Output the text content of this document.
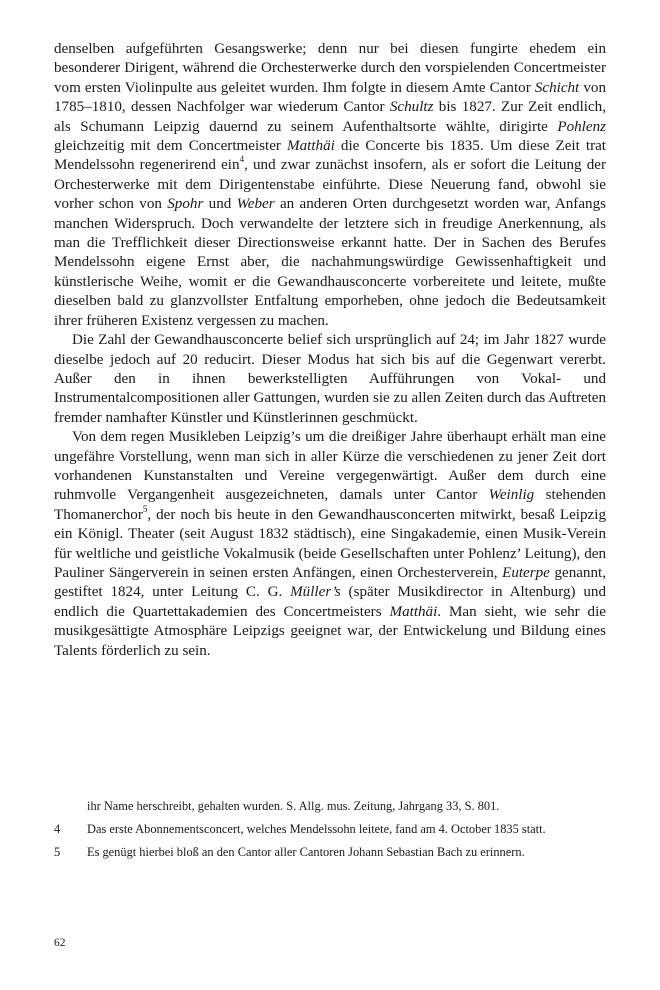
denselben aufgeführten Gesangswerke; denn nur bei diesen fungirte ehedem ein besonderer Dirigent, während die Orchesterwerke durch den vorspielenden Concertmeister vom ersten Violinpulte aus geleitet wurden. Ihm folgte in diesem Amte Cantor Schicht von 1785–1810, dessen Nachfolger war wiederum Cantor Schultz bis 1827. Zur Zeit endlich, als Schumann Leipzig dauernd zu seinem Aufenthaltsorte wählte, dirigirte Pohlenz gleichzeitig mit dem Concertmeister Matthäi die Concerte bis 1835. Um diese Zeit trat Mendelssohn regenerirend ein$^4$, und zwar zunächst insofern, als er sofort die Leitung der Orchesterwerke mit dem Dirigentenstabe einführte. Diese Neuerung fand, obwohl sie vorher schon von Spohr und Weber an anderen Orten durchgesetzt worden war, Anfangs manchen Widerspruch. Doch verwandelte der letztere sich in freudige Anerkennung, als man die Trefflichkeit dieser Directionsweise erkannt hatte. Der in Sachen des Berufes Mendelssohn eigene Ernst aber, die nachahmungswürdige Gewissenhaftigkeit und künstlerische Weihe, womit er die Gewandhausconcerte vorbereitete und leitete, mußte dieselben bald zu glanzvollster Entfaltung emporheben, ohne jedoch die Bedeutsamkeit ihrer früheren Existenz vergessen zu machen.

Die Zahl der Gewandhausconcerte belief sich ursprünglich auf 24; im Jahr 1827 wurde dieselbe jedoch auf 20 reducirt. Dieser Modus hat sich bis auf die Gegenwart vererbt. Außer den in ihnen bewerkstelligten Aufführungen von Vokal- und Instrumentalcompositionen aller Gattungen, wurden sie zu allen Zeiten durch das Auftreten fremder namhafter Künstler und Künstlerinnen geschmückt.

Von dem regen Musikleben Leipzig’s um die dreißiger Jahre überhaupt erhält man eine ungefähre Vorstellung, wenn man sich in aller Kürze die verschiedenen zu jener Zeit dort vorhandenen Kunstanstalten und Vereine vergegenwärtigt. Außer dem durch eine ruhmvolle Vergangenheit ausgezeichneten, damals unter Cantor Weinlig stehenden Thomanerchor$^5$, der noch bis heute in den Gewandhausconcerten mitwirkt, besaß Leipzig ein Königl. Theater (seit August 1832 städtisch), eine Singakademie, einen Musik-Verein für weltliche und geistliche Vokalmusik (beide Gesellschaften unter Pohlenz’ Leitung), den Pauliner Sängerverein in seinen ersten Anfängen, einen Orchesterverein, Euterpe genannt, gestiftet 1824, unter Leitung C. G. Müller’s (später Musikdirector in Altenburg) und endlich die Quartettakademien des Concertmeisters Matthäi. Man sieht, wie sehr die musikgesättigte Atmosphäre Leipzigs geeignet war, der Entwickelung und Bildung eines Talents förderlich zu sein.

ihr Name herschreibt, gehalten wurden. S. Allg. mus. Zeitung, Jahrgang 33, S. 801.
4 Das erste Abonnementsconcert, welches Mendelssohn leitete, fand am 4. October 1835 statt.
5 Es genügt hierbei bloß an den Cantor aller Cantoren Johann Sebastian Bach zu erinnern.
62
